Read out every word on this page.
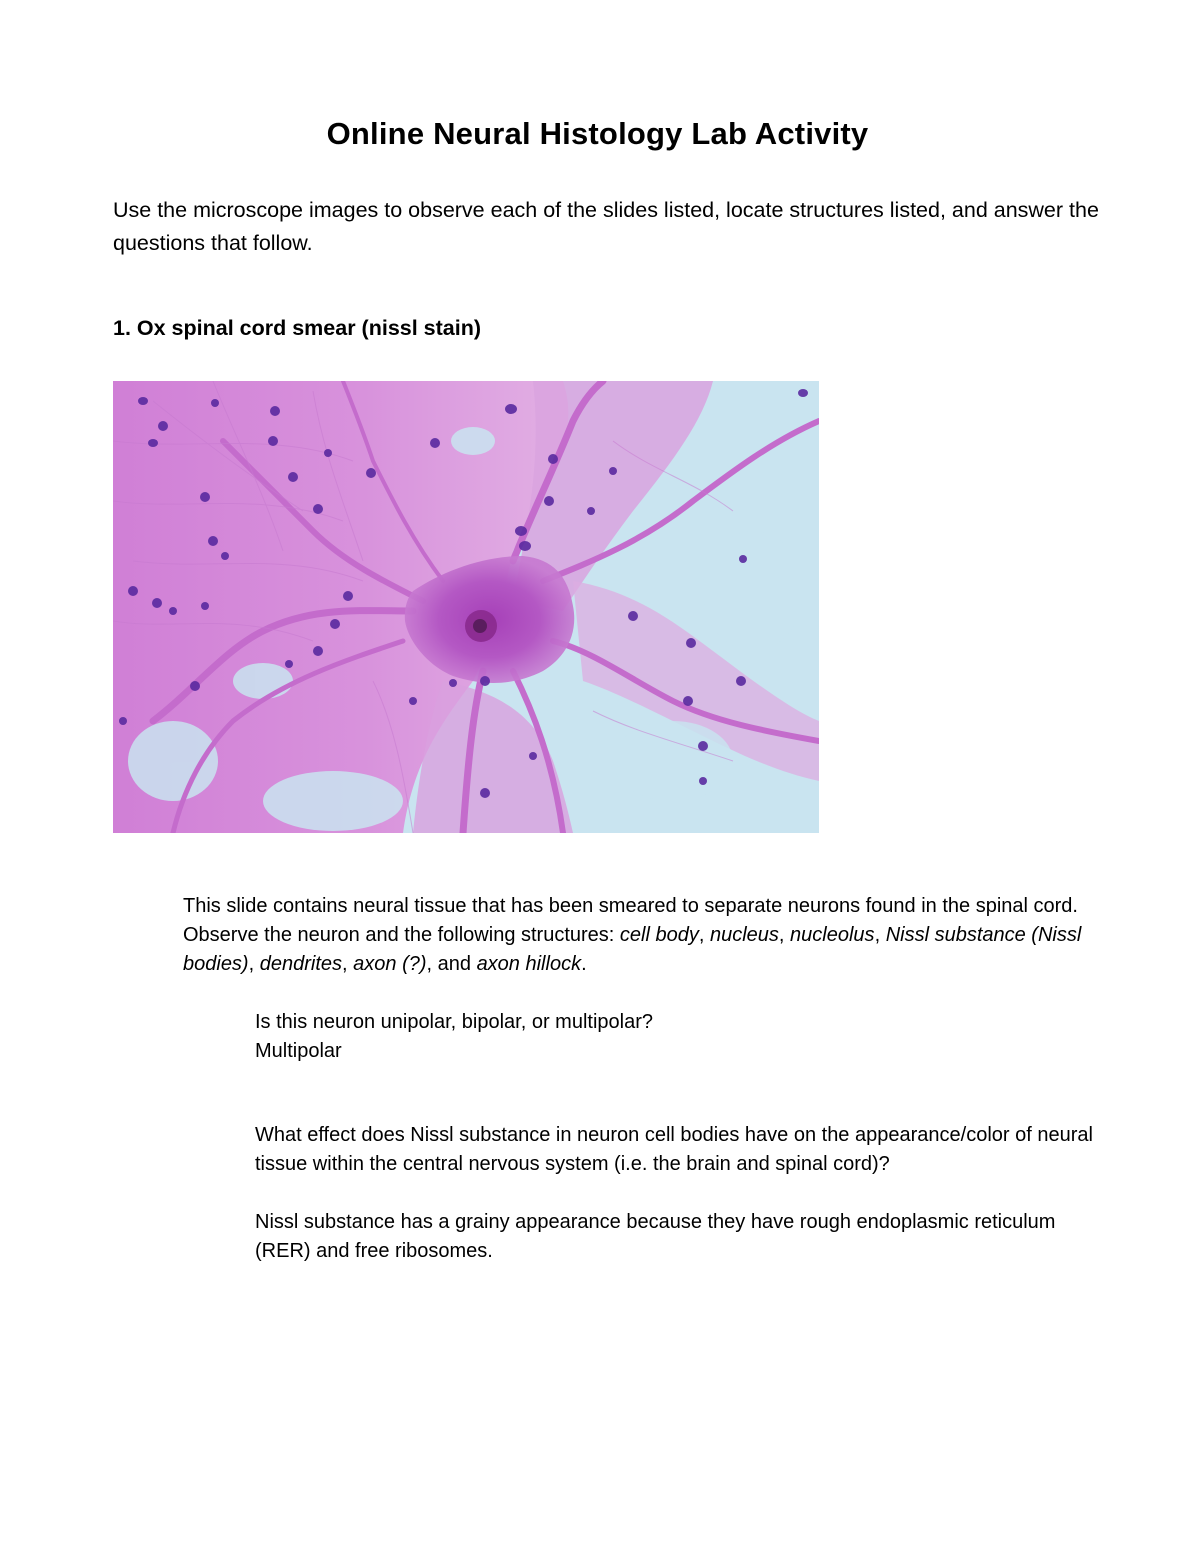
Online Neural Histology Lab Activity

Use the microscope images to observe each of the slides listed, locate structures listed, and answer the questions that follow.

1. Ox spinal cord smear (nissl stain)

This slide contains neural tissue that has been smeared to separate neurons found in the spinal cord. Observe the neuron and the following structures: cell body, nucleus, nucleolus, Nissl substance (Nissl bodies), dendrites, axon (?), and axon hillock.

Is this neuron unipolar, bipolar, or multipolar?

Multipolar

What effect does Nissl substance in neuron cell bodies have on the appearance/color of neural tissue within the central nervous system (i.e. the brain and spinal cord)?

Nissl substance has a grainy appearance because they have rough endoplasmic reticulum (RER) and free ribosomes.
